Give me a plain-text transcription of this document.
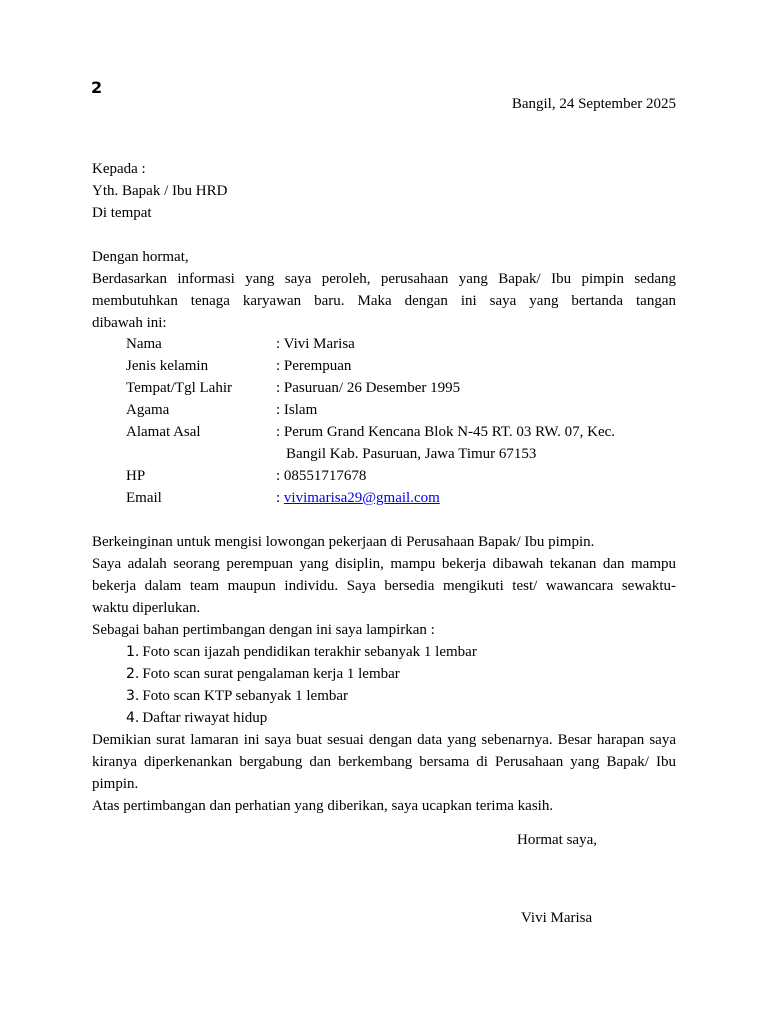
2
Bangil, 24 September 2025
Kepada :
Yth. Bapak / Ibu HRD
Di tempat
Dengan hormat,
Berdasarkan informasi yang saya peroleh, perusahaan yang Bapak/ Ibu pimpin sedang
membutuhkan tenaga karyawan baru. Maka dengan ini saya yang bertanda tangan
dibawah ini:
Nama	: Vivi Marisa
Jenis kelamin	: Perempuan
Tempat/Tgl Lahir	: Pasuruan/ 26 Desember 1995
Agama	: Islam
Alamat Asal	: Perum Grand Kencana Blok N-45 RT. 03 RW. 07, Kec.
Bangil Kab. Pasuruan, Jawa Timur 67153
HP	: 08551717678
Email	: vivimarisa29@gmail.com
Berkeinginan untuk mengisi lowongan pekerjaan di Perusahaan Bapak/ Ibu pimpin.
Saya adalah seorang perempuan yang disiplin, mampu bekerja dibawah tekanan dan mampu
bekerja dalam team maupun individu. Saya bersedia mengikuti test/ wawancara sewaktu-
waktu diperlukan.
Sebagai bahan pertimbangan dengan ini saya lampirkan :
1. Foto scan ijazah pendidikan terakhir sebanyak 1 lembar
2. Foto scan surat pengalaman kerja 1 lembar
3. Foto scan KTP sebanyak 1 lembar
4. Daftar riwayat hidup
Demikian surat lamaran ini saya buat sesuai dengan data yang sebenarnya. Besar harapan saya
kiranya diperkenankan bergabung dan berkembang bersama di Perusahaan yang Bapak/ Ibu
pimpin.
Atas pertimbangan dan perhatian yang diberikan, saya ucapkan terima kasih.
Hormat saya,
Vivi Marisa
